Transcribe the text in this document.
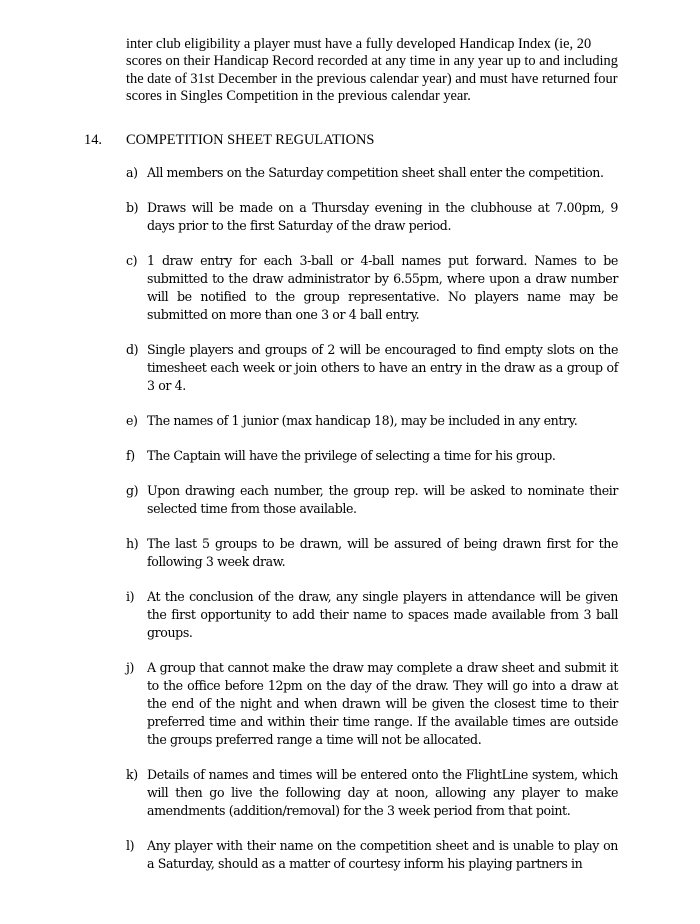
inter club eligibility a player must have a fully developed Handicap Index (ie, 20 scores on their Handicap Record recorded at any time in any year up to and including the date of 31st December in the previous calendar year) and must have returned four scores in Singles Competition in the previous calendar year.
14. COMPETITION SHEET REGULATIONS
a) All members on the Saturday competition sheet shall enter the competition.
b) Draws will be made on a Thursday evening in the clubhouse at 7.00pm, 9 days prior to the first Saturday of the draw period.
c) 1 draw entry for each 3-ball or 4-ball names put forward. Names to be submitted to the draw administrator by 6.55pm, where upon a draw number will be notified to the group representative. No players name may be submitted on more than one 3 or 4 ball entry.
d) Single players and groups of 2 will be encouraged to find empty slots on the timesheet each week or join others to have an entry in the draw as a group of 3 or 4.
e) The names of 1 junior (max handicap 18), may be included in any entry.
f) The Captain will have the privilege of selecting a time for his group.
g) Upon drawing each number, the group rep. will be asked to nominate their selected time from those available.
h) The last 5 groups to be drawn, will be assured of being drawn first for the following 3 week draw.
i)	At the conclusion of the draw, any single players in attendance will be given the first opportunity to add their name to spaces made available from 3 ball groups.
j)	A group that cannot make the draw may complete a draw sheet and submit it to the office before 12pm on the day of the draw. They will go into a draw at the end of the night and when drawn will be given the closest time to their preferred time and within their time range. If the available times are outside the groups preferred range a time will not be allocated.
k) Details of names and times will be entered onto the FlightLine system, which will then go live the following day at noon, allowing any player to make amendments (addition/removal) for the 3 week period from that point.
l)	Any player with their name on the competition sheet and is unable to play on a Saturday, should as a matter of courtesy inform his playing partners in
